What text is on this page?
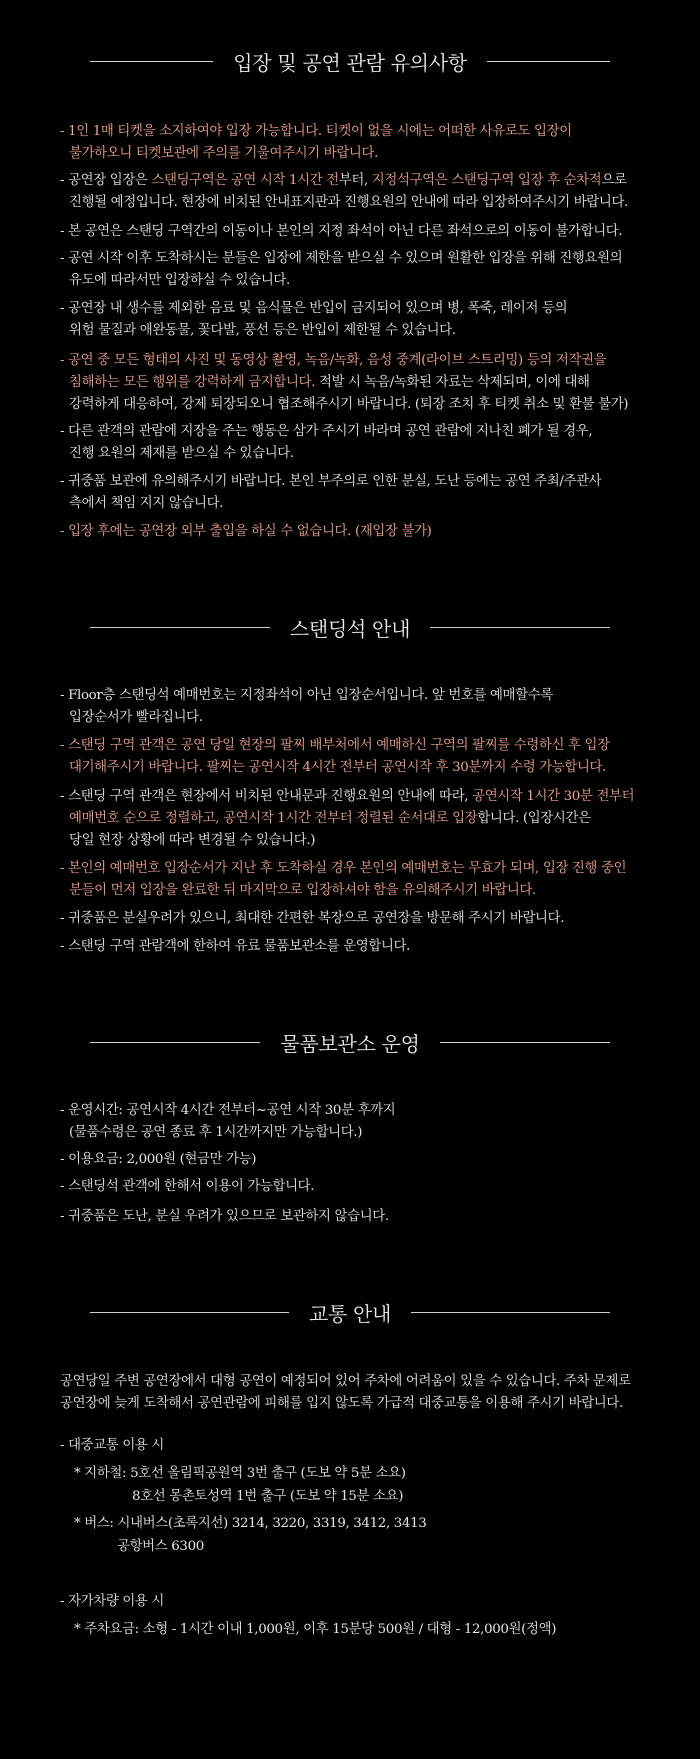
입장 및 공연 관람 유의사항
- 1인 1매 티켓을 소지하여야 입장 가능합니다. 티켓이 없을 시에는 어떠한 사유로도 입장이
불가하오니 티켓보관에 주의를 기울여주시기 바랍니다.
- 공연장 입장은 스탠딩구역은 공연 시작 1시간 전부터, 지정석구역은 스탠딩구역 입장 후 순차적으로
진행될 예정입니다. 현장에 비치된 안내표지판과 진행요원의 안내에 따라 입장하여주시기 바랍니다.
- 본 공연은 스탠딩 구역간의 이동이나 본인의 지정 좌석이 아닌 다른 좌석으로의 이동이 불가합니다.
- 공연 시작 이후 도착하시는 분들은 입장에 제한을 받으실 수 있으며 원활한 입장을 위해 진행요원의
유도에 따라서만 입장하실 수 있습니다.
- 공연장 내 생수를 제외한 음료 및 음식물은 반입이 금지되어 있으며 병, 폭죽, 레이저 등의
위험 물질과 애완동물, 꽃다발, 풍선 등은 반입이 제한될 수 있습니다.
- 공연 중 모든 형태의 사진 및 동영상 촬영, 녹음/녹화, 음성 중계(라이브 스트리밍) 등의 저작권을
침해하는 모든 행위를 강력하게 금지합니다. 적발 시 녹음/녹화된 자료는 삭제되며, 이에 대해
강력하게 대응하여, 강제 퇴장되오니 협조해주시기 바랍니다. (퇴장 조치 후 티켓 취소 및 환불 불가)
- 다른 관객의 관람에 지장을 주는 행동은 삼가 주시기 바라며 공연 관람에 지나친 폐가 될 경우,
진행 요원의 제재를 받으실 수 있습니다.
- 귀중품 보관에 유의해주시기 바랍니다. 본인 부주의로 인한 분실, 도난 등에는 공연 주최/주관사
측에서 책임 지지 않습니다.
- 입장 후에는 공연장 외부 출입을 하실 수 없습니다. (재입장 불가)
스탠딩석 안내
- Floor층 스탠딩석 예매번호는 지정좌석이 아닌 입장순서입니다. 앞 번호를 예매할수록
입장순서가 빨라집니다.
- 스탠딩 구역 관객은 공연 당일 현장의 팔찌 배부처에서 예매하신 구역의 팔찌를 수령하신 후 입장
대기해주시기 바랍니다. 팔찌는 공연시작 4시간 전부터 공연시작 후 30분까지 수령 가능합니다.
- 스탠딩 구역 관객은 현장에서 비치된 안내문과 진행요원의 안내에 따라, 공연시작 1시간 30분 전부터
예매번호 순으로 정렬하고, 공연시작 1시간 전부터 정렬된 순서대로 입장합니다. (입장시간은
당일 현장 상황에 따라 변경될 수 있습니다.)
- 본인의 예매번호 입장순서가 지난 후 도착하실 경우 본인의 예매번호는 무효가 되며, 입장 진행 중인
분들이 먼저 입장을 완료한 뒤 마지막으로 입장하셔야 함을 유의해주시기 바랍니다.
- 귀중품은 분실우려가 있으니, 최대한 간편한 복장으로 공연장을 방문해 주시기 바랍니다.
- 스탠딩 구역 관람객에 한하여 유료 물품보관소를 운영합니다.
물품보관소 운영
- 운영시간: 공연시작 4시간 전부터~공연 시작 30분 후까지
(물품수령은 공연 종료 후 1시간까지만 가능합니다.)
- 이용요금: 2,000원 (현금만 가능)
- 스탠딩석 관객에 한해서 이용이 가능합니다.
- 귀중품은 도난, 분실 우려가 있으므로 보관하지 않습니다.
교통 안내
공연당일 주변 공연장에서 대형 공연이 예정되어 있어 주차에 어려움이 있을 수 있습니다. 주차 문제로
공연장에 늦게 도착해서 공연관람에 피해를 입지 않도록 가급적 대중교통을 이용해 주시기 바랍니다.
- 대중교통 이용 시
* 지하철: 5호선 올림픽공원역 3번 출구 (도보 약 5분 소요)
8호선 몽촌토성역 1번 출구 (도보 약 15분 소요)
* 버스: 시내버스(초록지선) 3214, 3220, 3319, 3412, 3413
공항버스 6300
- 자가차량 이용 시
* 주차요금: 소형 - 1시간 이내 1,000원, 이후 15분당 500원 / 대형 - 12,000원(정액)
